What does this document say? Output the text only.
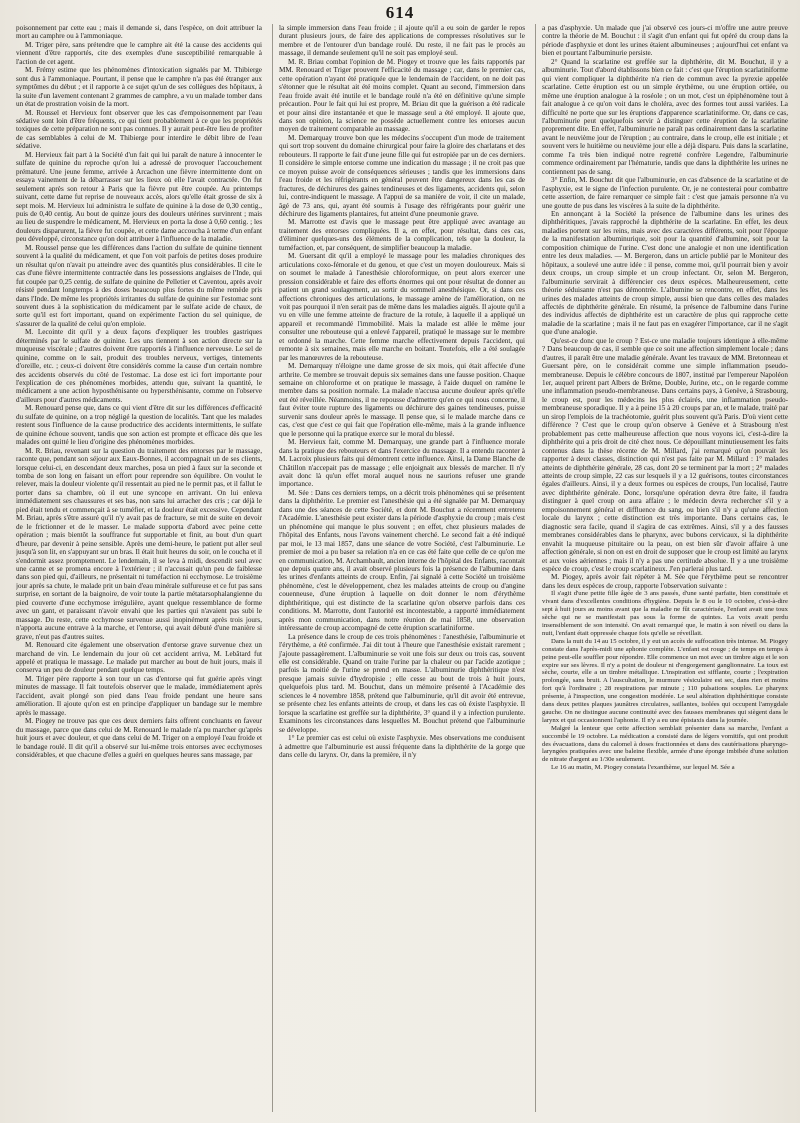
614

poisonnement par cette eau ; mais il demande si, dans l'espèce, on doit attribuer la mort au camphre ou à l'ammoniaque.

M. Triger père, sans prétendre que le camphre ait été la cause des accidents qui viennent d'être rapportés, cite des exemples d'une susceptibilité remarquable à l'action de cet agent.

M. Frémy estime que les phénomènes d'intoxication signalés par M. Thibierge sont dus à l'ammoniaque. Pourtant, il pense que le camphre n'a pas été étranger aux symptômes du début ; et il rapporte à ce sujet qu'un de ses collègues des hôpitaux, à la suite d'un lavement contenant 2 grammes de camphre, a vu un malade tomber dans un état de prostration voisin de la mort.

M. Roussel et Hervieux font observer que les cas d'empoisonnement par l'eau sédative sont loin d'être fréquents, ce qui tient probablement à ce que les propriétés toxiques de cette préparation ne sont pas connues. Il y aurait peut-être lieu de profiter de cas semblables à celui de M. Thibierge pour interdire le débit libre de l'eau sédative.

M. Hervieux fait part à la Société d'un fait qui lui paraît de nature à innocenter le sulfate de quinine du reproche qu'on lui a adressé de provoquer l'accouchement prématuré. Une jeune femme, arrivée à Arcachon une fièvre intermittente dont on essaya vainement de la débarrasser sur les lieux où elle l'avait contractée. On fut seulement après son retour à Paris que la fièvre put être coupée. Au printemps suivant, cette dame fut reprise de nouveaux accès, alors qu'elle était grosse de six à sept mois. M. Hervieux lui administra le sulfate de quinine à la dose de 0,30 centig., puis de 0,40 centig. Au bout de quinze jours des douleurs utérines survinrent ; mais au lieu de suspendre le médicament, M. Hervieux en porta la dose à 0,60 centig. ; les douleurs disparurent, la fièvre fut coupée, et cette dame accoucha à terme d'un enfant peu développé, circonstance qu'on doit attribuer à l'influence de la maladie.

M. Roussel pense que les différences dans l'action du sulfate de quinine tiennent souvent à la qualité du médicament, et que l'on voit parfois de petites doses produire un résultat qu'on n'avait pu atteindre avec des quantités plus considérables. Il cite le cas d'une fièvre intermittente contractée dans les possessions anglaises de l'Inde, qui fut coupée par 0,25 centig. de sulfate de quinine de Pelletier et Caventou, après avoir résisté pendant longtemps à des doses beaucoup plus fortes du même remède pris dans l'Inde. De même les propriétés irritantes du sulfate de quinine sur l'estomac sont souvent dues à la sophistication du médicament par le sulfate acide de chaux, de sorte qu'il est fort important, quand on expérimente l'action du sel quinique, de s'assurer de la qualité de celui qu'on emploie.

M. Lecointe dit qu'il y a deux façons d'expliquer les troubles gastriques déterminés par le sulfate de quinine. Les uns tiennent à son action directe sur la muqueuse viscérale ; d'autres doivent être rapportés à l'influence nerveuse. Le sel de quinine, comme on le sait, produit des troubles nerveux, vertiges, tintements d'oreille, etc. ; ceux-ci doivent être considérés comme la cause d'un certain nombre des accidents observés du côté de l'estomac. La dose est ici fort importante pour l'explication de ces phénomènes morbides, attendu que, suivant la quantité, le médicament a une action hyposthénisante ou hypersthénisante, comme on l'observe d'ailleurs pour d'autres médicaments.

M. Renouard pense que, dans ce qui vient d'être dit sur les différences d'efficacité du sulfate de quinine, on a trop négligé la question de localités. Tant que les malades restent sous l'influence de la cause productrice des accidents intermittents, le sulfate de quinine échoue souvent, tandis que son action est prompte et efficace dès que les malades ont quitté le lieu d'origine des phénomènes morbides.

M. R. Briau, revenant sur la question du traitement des entorses par le massage, raconte que, pendant son séjour aux Eaux-Bonnes, il accompagnait un de ses clients, lorsque celui-ci, en descendant deux marches, posa un pied à faux sur la seconde et tomba de son long en faisant un effort pour reprendre son équilibre. On voulut le relever, mais la douleur violente qu'il ressentait au pied ne le permit pas, et il fallut le porter dans sa chambre, où il eut une syncope en arrivant. On lui enleva immédiatement ses chaussures et ses bas, non sans lui arracher des cris ; car déjà le pied était tendu et commençait à se tuméfier, et la douleur était excessive. Cependant M. Briau, après s'être assuré qu'il n'y avait pas de fracture, se mit de suite en devoir de le frictionner et de le masser. Le malade supporta d'abord avec peine cette opération ; mais bientôt la souffrance fut supportable et finit, au bout d'un quart d'heure, par devenir à peine sensible. Après une demi-heure, le patient put aller seul jusqu'à son lit, en s'appuyant sur un bras. Il était huit heures du soir, on le coucha et il s'endormit assez promptement. Le lendemain, il se leva à midi, descendit seul avec une canne et se promena encore à l'extérieur ; il n'accusait qu'un peu de faiblesse dans son pied qui, d'ailleurs, ne présentait ni tuméfaction ni ecchymose. Le troisième jour après sa chute, le malade prit un bain d'eau minérale sulfureuse et ce fut pas sans surprise, en sortant de la baignoire, de voir toute la partie métatarsophalangienne du pied couverte d'une ecchymose irrégulière, ayant quelque ressemblance de forme avec un gant, et paraissant n'avoir envahi que les parties qui n'avaient pas subi le massage. Du reste, cette ecchymose survenue aussi inopinément après trois jours, n'apporta aucune entrave à la marche, et l'entorse, qui avait débuté d'une manière si grave, n'eut pas d'autres suites.

M. Renouard cite également une observation d'entorse grave survenue chez un marchand de vin. Le lendemain du jour où cet accident arriva, M. Lebâtard fut appelé et pratiqua le massage. Le malade put marcher au bout de huit jours, mais il conserva un peu de douleur pendant quelque temps.

M. Triger père rapporte à son tour un cas d'entorse qui fut guérie après vingt minutes de massage. Il fait toutefois observer que le malade, immédiatement après l'accident, avait plongé son pied dans l'eau froide pendant une heure sans amélioration. Il ajoute qu'on est en principe d'appliquer un bandage sur le membre après le massage.

M. Piogey ne trouve pas que ces deux derniers faits offrent concluants en faveur du massage, parce que dans celui de M. Renouard le malade n'a pu marcher qu'après huit jours et avec douleur, et que dans celui de M. Triger on a employé l'eau froide et le bandage roulé. Il dit qu'il a observé sur lui-même trois entorses avec ecchymoses considérables, et que chacune d'elles a guéri en quelques heures sans massage, par

la simple immersion dans l'eau froide ; il ajoute qu'il a eu soin de garder le repos durant plusieurs jours, de faire des applications de compresses résolutives sur le membre et de l'entourer d'un bandage roulé. Du reste, il ne fait pas le procès au massage, il demande seulement qu'il ne soit pas employé seul.

M. R. Briau combat l'opinion de M. Piogey et trouve que les faits rapportés par MM. Renouard et Triger prouvent l'efficacité du massage ; car, dans le premier cas, cette opération n'ayant été pratiquée que le lendemain de l'accident, on ne doit pas s'étonner que le résultat ait été moins complet. Quant au second, l'immersion dans l'eau froide avait été inutile et le bandage roulé n'a été en définitive qu'une simple précaution. Pour le fait qui lui est propre, M. Briau dit que la guérison a été radicale et pour ainsi dire instantanée et que le massage seul a été employé. Il ajoute que, dans son opinion, la science ne possède actuellement contre les entorses aucun moyen de traitement comparable au massage.

M. Demarquay trouve bon que les médecins s'occupent d'un mode de traitement qui sort trop souvent du domaine chirurgical pour faire la gloire des charlatans et des rebouteurs. Il rapporte le fait d'une jeune fille qui fut estropiée par un de ces derniers. Il considère le simple entorse comme une indication du massage ; il ne croit pas que ce moyen puisse avoir de conséquences sérieuses ; tandis que les immersions dans l'eau froide et les réfrigérants en général peuvent être dangereux dans les cas de fractures, de déchirures des gaines tendineuses et des ligaments, accidents qui, selon lui, contre-indiquent le massage. A l'appui de sa manière de voir, il cite un malade, âgé de 73 ans, qui, ayant été soumis à l'usage des réfrigérants pour guérir une déchirure des ligaments plantaires, fut atteint d'une pneumonie grave.

M. Marrotte est d'avis que le massage peut être appliqué avec avantage au traitement des entorses compliquées. Il a, en effet, pour résultat, dans ces cas, d'éliminer quelques-uns des éléments de la complication, tels que la douleur, la tuméfaction, et, par conséquent, de simplifier beaucoup la maladie.

M. Guersant dit qu'il a employé le massage pour les maladies chroniques des articulations coxo-fémorale et du genou, et que c'est un moyen douloureux. Mais si on soumet le malade à l'anesthésie chloroformique, on peut alors exercer une pression considérable et faire des efforts énormes qui ont pour résultat de donner au patient un grand soulagement, au sortir du sommeil anesthésique. Or, si dans ces affections chroniques des articulations, le massage amène de l'amélioration, on ne voit pas pourquoi il n'en serait pas de même dans les maladies aiguës. Il ajoute qu'il a vu en ville une femme atteinte de fracture de la rotule, à laquelle il a appliqué un appareil et recommandé l'immobilité. Mais la malade est allée le même jour consulter une rebouteuse qui a enlevé l'appareil, pratiqué le massage sur le membre et ordonné la marche. Cette femme marche effectivement depuis l'accident, qui remonte à six semaines, mais elle marche en boitant. Toutefois, elle a été soulagée par les manœuvres de la rebouteuse.

M. Demarquay n'éloigne une dame grosse de six mois, qui était affectée d'une arthrite. Ce membre se trouvait depuis six semaines dans une fausse position. Chaque semaine on chloroforme et on pratique le massage, à l'aide duquel on ramène le membre dans sa position normale. La malade n'accusa aucune douleur après qu'elle eut été réveillée. Néanmoins, il ne repousse d'admettre qu'en ce qui nous concerne, il faut éviter toute rupture des ligaments ou déchirure des gaines tendineuses, puisse survenir sans douleur après le massage. Il pense que, si le malade marche dans ce cas, c'est que c'est ce qui fait que l'opération elle-même, mais à la grande influence que le personne qui la pratique exerce sur le moral du blessé.

M. Hervieux fait, comme M. Demarquay, une grande part à l'influence morale dans la pratique des rebouteurs et dans l'exercice du massage. Il a entendu raconter à M. Lacroix plusieurs faits qui démontrent cette influence. Ainsi, la Dame Blanche de Châtillon n'accepait pas de massage ; elle enjoignait aux blessés de marcher. Il n'y avait donc là qu'un effet moral auquel nous ne saurions refuser une grande importance.

M. Sée : Dans ces derniers temps, on a décrit trois phénomènes qui se présentent dans la diphthérite. Le premier est l'anesthésie qui a été signalée par M. Demarquay dans une des séances de cette Société, et dont M. Bouchut a récemment entretenu l'Académie. L'anesthésie peut exister dans la période d'asphyxie du croup ; mais c'est un phénomène qui manque le plus souvent ; en effet, chez plusieurs malades de l'hôpital des Enfants, nous l'avons vainement cherché. Le second fait a été indiqué par moi, le 13 mai 1857, dans une séance de votre Société, c'est l'albuminurie. Le premier de moi a pu baser sa relation n'a en ce cas été faite que celle de ce qu'on me en communication, M. Archambault, ancien interne de l'hôpital des Enfants, racontait que depuis quatre ans, il avait observé plusieurs fois la présence de l'albumine dans les urines d'enfants atteints de croup. Enfin, j'ai signalé à cette Société un troisième phénomène, c'est le développement, chez les malades atteints de croup ou d'angine couenneuse, d'une éruption à laquelle on doit donner le nom d'érythème diphthéritique, qui est distincte de la scarlatine qu'on observe parfois dans ces conditions. M. Marrotte, dont l'autorité est incontestable, a rapporté immédiatement après mon communication, dans notre réunion de mai 1858, une observation intéressante de croup accompagné de cette éruption scarlatiniforme.

La présence dans le croup de ces trois phénomènes : l'anesthésie, l'albuminurie et l'érythème, a été confirmée. J'ai dit tout à l'heure que l'anesthésie existait rarement ; j'ajoute passagèrement. L'albuminurie se voit une fois sur deux ou trois cas, souvent elle est considérable. Quand on traite l'urine par la chaleur ou par l'acide azotique ; parfois la moitié de l'urine se prend en masse. L'albuminurie diphthéritique n'est presque jamais suivie d'hydropisie ; elle cesse au bout de trois à huit jours, quelquefois plus tard. M. Bouchut, dans un mémoire présenté à l'Académie des sciences le 4 novembre 1858, prétend que l'albuminurie, qu'il dit avoir été entrevue, se présente chez les enfants atteints de croup, et dans les cas où éxiste l'asphyxie. Il lorsque la scarlatine est greffée sur la diphthérite, 3° quand il y a infection purulente. Examinons les circonstances dans lesquelles M. Bouchut prétend que l'albuminurie se développe.

1° Le premier cas est celui où existe l'asphyxie. Mes observations me conduisent à admettre que l'albuminurie est aussi fréquente dans la diphthérite de la gorge que dans celle du larynx. Or, dans la première, il n'y

a pas d'asphyxie. Un malade que j'ai observé ces jours-ci m'offre une autre preuve contre la théorie de M. Bouchut : il s'agit d'un enfant qui fut opéré du croup dans la période d'asphyxie et dont les urines étaient albumineuses ; aujourd'hui cet enfant va bien et pourtant l'albuminurie persiste.

2° Quand la scarlatine est greffée sur la diphthérite, dit M. Bouchut, il y a albuminurie. Tout d'abord établissons bien ce fait : c'est que l'éruption scarlatiniforme qui vient compliquer la diphthérite n'a rien de commun avec la pyrexie appelée scarlatine. Cette éruption est ou un simple érythème, ou une éruption ortiée, ou même une éruption analogue à la roséole ; on un mot, c'est un épiphénomène tout à fait analogue à ce qu'on voit dans le choléra, avec des formes tout aussi variées. La difficulté ne porte que sur les éruptions d'apparence scarlatiniforme. Or, dans ce cas, l'albuminurie peut quelquefois servir à distinguer cette éruption de la scarlatine proprement dite. En effet, l'albuminurie ne paraît pas ordinairement dans la scarlatine avant le neuvième jour de l'éruption ; au contraire, dans le croup, elle est initiale ; et souvent vers le huitième ou neuvième jour elle a déjà disparu. Puis dans la scarlatine, comme l'a très bien indiqué notre regretté confrère Legendre, l'albuminurie commence ordinairement par l'hématurie, tandis que dans la diphthérite les urines ne contiennent pas de sang.

3° Enfin, M. Bouchut dit que l'albuminurie, en cas d'absence de la scarlatine et de l'asphyxie, est le signe de l'infection purulente. Or, je ne contesterai pour combattre cette assertion, de faire remarquer ce simple fait : c'est que jamais personne n'a vu une goutte de pus dans les viscères à la suite de la diphthérite.

En annonçant à la Société la présence de l'albumine dans les urines des diphthéritiques, j'avais rapproché la diphthérite de la scarlatine. En effet, les deux maladies portent sur les reins, mais avec des caractères différents, soit pour l'époque de la manifestation albuminurique, soit pour la quantité d'albumine, soit pour la composition chimique de l'urine. C'est donc une analogie et non une identification entre les deux maladies. — M. Bergeron, dans un article publié par le Moniteur des hôpitaux, a soulevé une autre idée : il pense, comme moi, qu'il pourrait bien y avoir deux croups, un croup simple et un croup infectant. Or, selon M. Bergeron, l'albuminurie servirait à différencier ces deux espèces. Malheureusement, cette théorie séduisante n'est pas démontrée. L'albumine se rencontre, en effet, dans les urines des malades atteints de croup simple, aussi bien que dans celles des malades affectés de diphthérite générale. En résumé, la présence de l'albumine dans l'urine des individus affectés de diphthérite est un caractère de plus qui rapproche cette maladie de la scarlatine ; mais il ne faut pas en exagérer l'importance, car il ne s'agit que d'une analogie.

Qu'est-ce donc que le croup ? Est-ce une maladie toujours identique à elle-même ? Dans beaucoup de cas, il semble que ce soit une affection simplement locale ; dans d'autres, il paraît être une maladie générale. Avant les travaux de MM. Bretonneau et Guersant père, on le considérait comme une simple inflammation pseudo-membraneuse. Depuis le célèbre concours de 1807, institué par l'empereur Napoléon 1er, auquel prirent part Albers de Brême, Double, Jurine, etc., on le regarde comme une inflammation pseudo-membraneuse. Dans certains pays, à Genève, à Strasbourg, le croup est, pour les médecins les plus éclairés, une inflammation pseudo-membraneuse sporadique. Il y a à peine 15 à 20 croups par an, et le malade, traité par un sirop l'emplois de la trachéotomie, guérit plus souvent qu'à Paris. D'où vient cette différence ? C'est que le croup qu'on observe à Genève et à Strasbourg n'est probablement pas cette malheureuse affection que nous voyons ici, c'est-à-dire la diphthérite qui a pris droit de cité chez nous. Ce dépouillant minutieusement les faits contenus dans la thèse récente de M. Millard, j'ai remarqué qu'on pouvait les rapporter à deux classes, distinction qui n'est pas faite par M. Millard : 1° malades atteints de diphthérite générale, 28 cas, dont 20 se terminent par la mort ; 2° malades atteints de croup simple, 22 cas sur lesquels il y a 12 guérisons, toutes circonstances égales d'ailleurs. Ainsi, il y a deux formes ou espèces de croups, l'un localisé, l'autre avec diphthérite générale. Donc, lorsqu'une opération devra être faite, il faudra distinguer à quel croup on aura affaire ; le médecin devra rechercher s'il y a empoisonnement général et diffluence du sang, ou bien s'il n'y a qu'une affection locale du larynx ; cette distinction est très importante. Dans certains cas, le diagnostic sera facile, quand il s'agira de cas extrêmes. Ainsi, s'il y a des fausses membranes considérables dans le pharynx, avec bubons cervicaux, si la diphthérite envahit la muqueuse pituitaire ou la peau, on est bien sûr d'avoir affaire à une affection générale, si non on est en droit de supposer que le croup est limité au larynx et aux voies aériennes ; mais il n'y a pas une certitude absolue. Il y a une troisième espèce de croup, c'est le croup scarlatineux. J'en parlerai plus tard.

M. Piogey, après avoir fait répéter à M. Sée que l'érythème peut se rencontrer dans les deux espèces de croup, rapporte l'observation suivante :

Il s'agit d'une petite fille âgée de 3 ans passés, d'une santé parfaite, bien constituée et vivant dans d'excellentes conditions d'hygiène. Depuis le 8 ou le 10 octobre, c'est-à-dire sept à huit jours au moins avant que la maladie ne fût caractérisée, l'enfant avait une toux sèche qui ne se manifestait pas sous la forme de quintes. La voix avait perdu insensiblement de son intensité. On avait remarqué que, le matin à son réveil ou dans la nuit, l'enfant était oppressée chaque fois qu'elle se réveillait.

Dans la nuit du 14 au 15 octobre, il y eut un accès de suffocation très intense. M. Piogey constate dans l'après-midi une aphonie complète. L'enfant est rouge ; de temps en temps à peine peut-elle souffler pour répondre. Elle commence un mot avec un timbre aigu et le son expire sur ses lèvres. Il n'y a point de douleur ni d'engorgement ganglionnaire. La toux est sèche, courte, elle a un timbre métallique. L'inspiration est sifflante, courte ; l'expiration prolongée, sans bruit. A l'auscultation, le murmure vésiculaire est sec, dans rien et moins fort qu'à l'ordinaire ; 28 respirations par minute ; 110 pulsations souples. Le pharynx présente, à l'inspection, une congestion modérée. Le seul altération diphthéritique consiste dans deux petites plaques jaunâtres circulaires, saillantes, isolées qui occupent l'amygdale gauche. On ne distingue aucune continuité avec des fausses membranes qui siègent dans le larynx et qui occasionnent l'aphonie. Il n'y a eu une épistaxis dans la journée.

Malgré la lenteur que cette affection semblait présenter dans sa marche, l'enfant a succombé le 19 octobre. La médication a consisté dans de légers vomitifs, qui ont produit des évacuations, dans du calomel à doses fractionnées et dans des cautérisations pharyngo-laryngées pratiquées avec une baleine flexible, armée d'une éponge imbibée d'une solution de nitrate d'argent au 1/30e seulement.

Le 16 au matin, M. Piogey constata l'exanthème, sur lequel M. Sée a
